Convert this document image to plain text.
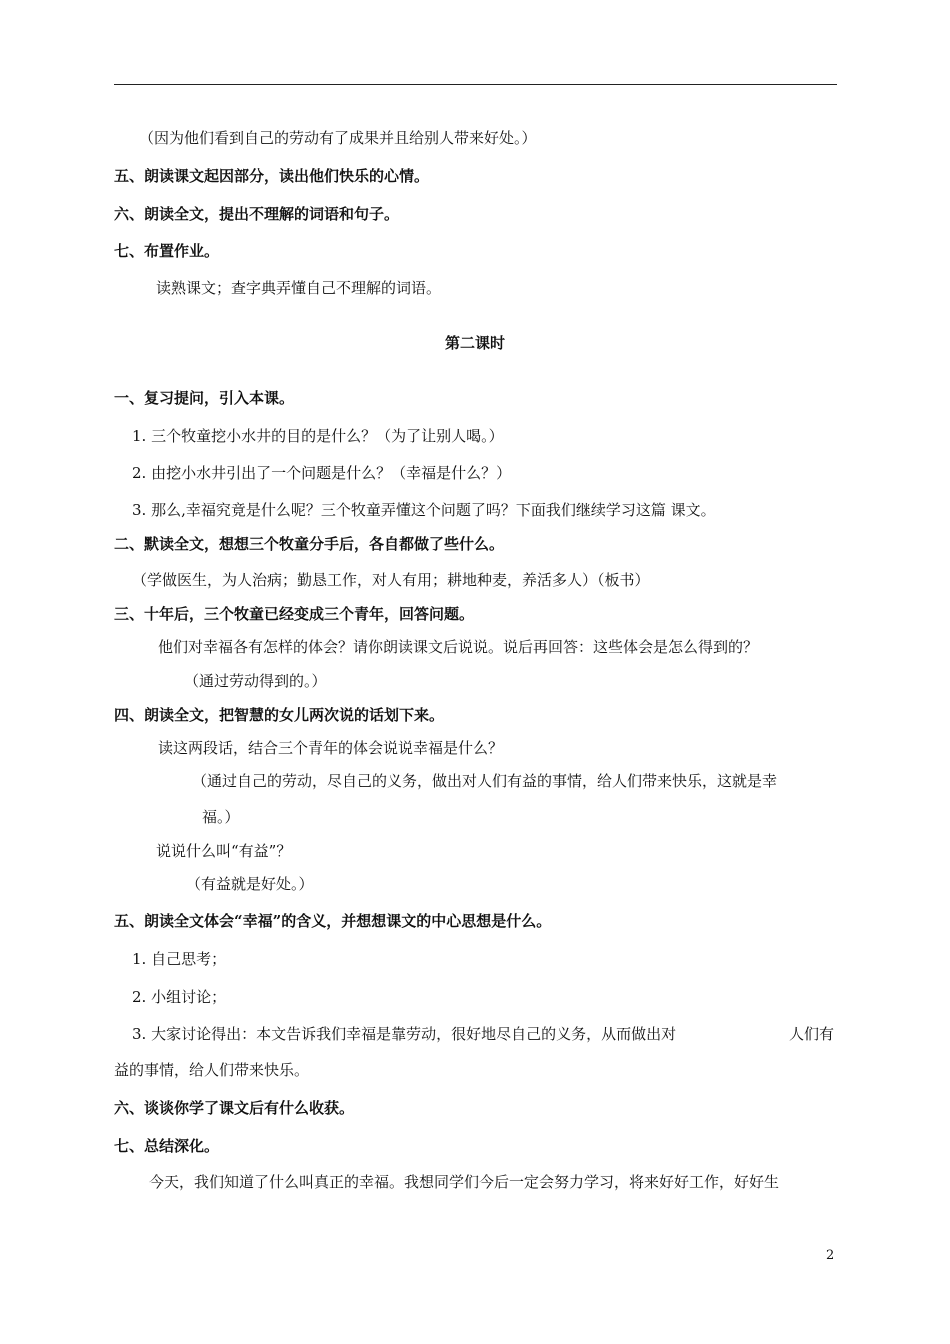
（因为他们看到自己的劳动有了成果并且给别人带来好处。）
五、朗读课文起因部分，读出他们快乐的心情。
六、朗读全文，提出不理解的词语和句子。
七、布置作业。
读熟课文；查字典弄懂自己不理解的词语。
第二课时
一、复习提问，引入本课。
1. 三个牧童挖小水井的目的是什么？（为了让别人喝。）
2. 由挖小水井引出了一个问题是什么？（幸福是什么？）
3. 那么,幸福究竟是什么呢？三个牧童弄懂这个问题了吗？下面我们继续学习这篇 课文。
二、默读全文，想想三个牧童分手后，各自都做了些什么。
（学做医生，为人治病；勤恳工作，对人有用；耕地种麦，养活多人）（板书）
三、十年后，三个牧童已经变成三个青年，回答问题。
他们对幸福各有怎样的体会？请你朗读课文后说说。说后再回答：这些体会是怎么得到的？
（通过劳动得到的。）
四、朗读全文，把智慧的女儿两次说的话划下来。
读这两段话，结合三个青年的体会说说幸福是什么？
（通过自己的劳动，尽自己的义务，做出对人们有益的事情，给人们带来快乐，这就是幸
福。）
说说什么叫“有益”？
（有益就是好处。）
五、朗读全文体会“幸福”的含义，并想想课文的中心思想是什么。
1. 自己思考；
2. 小组讨论；
3. 大家讨论得出：本文告诉我们幸福是靠劳动，很好地尽自己的义务，从而做出对	人们有
益的事情，给人们带来快乐。
六、谈谈你学了课文后有什么收获。
七、总结深化。
今天，我们知道了什么叫真正的幸福。我想同学们今后一定会努力学习，将来好好工作，好好生
2
